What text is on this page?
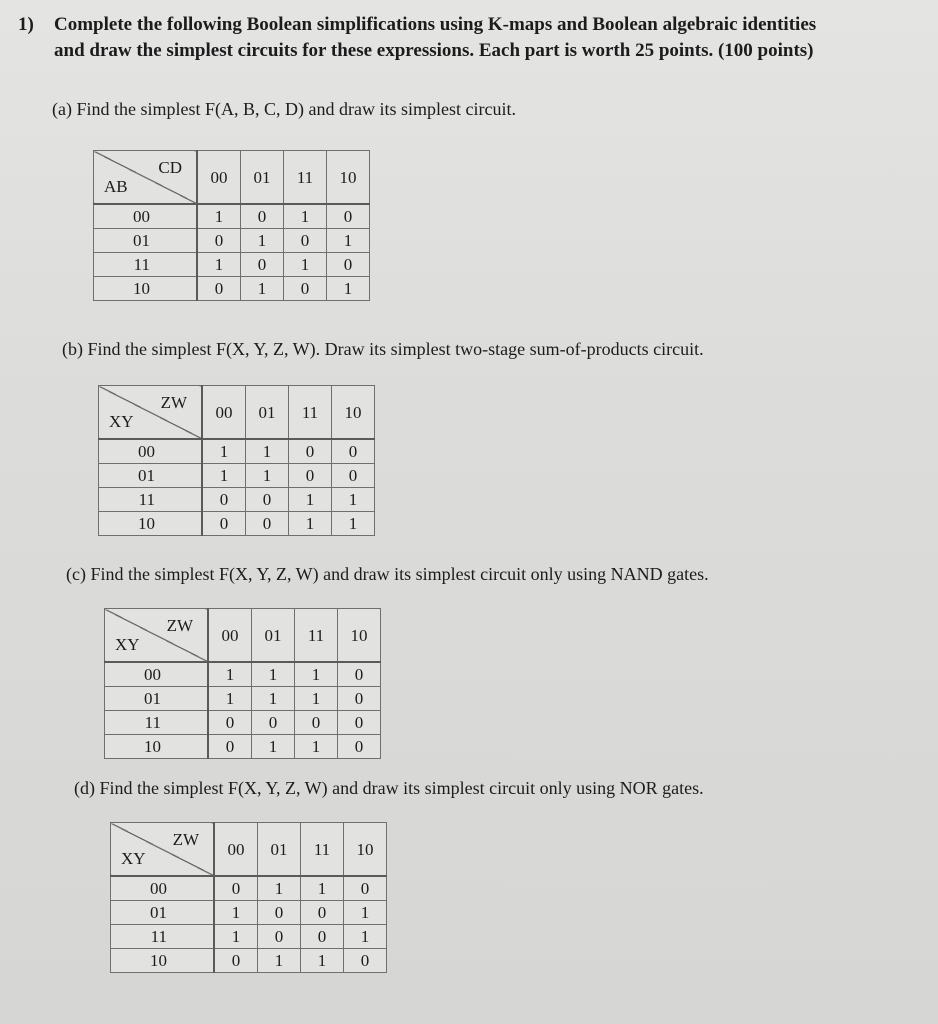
1) Complete the following Boolean simplifications using K-maps and Boolean algebraic identities
and draw the simplest circuits for these expressions. Each part is worth 25 points. (100 points)
(a) Find the simplest F(A, B, C, D) and draw its simplest circuit.
CD
AB	00	01	11	10
00	1	0	1	0
01	0	1	0	1
11	1	0	1	0
10	0	1	0	1
(b) Find the simplest F(X, Y, Z, W). Draw its simplest two-stage sum-of-products circuit.
ZW
XY	00	01	11	10
00	1	1	0	0
01	1	1	0	0
11	0	0	1	1
10	0	0	1	1
(c) Find the simplest F(X, Y, Z, W) and draw its simplest circuit only using NAND gates.
ZW
XY	00	01	11	10
00	1	1	1	0
01	1	1	1	0
11	0	0	0	0
10	0	1	1	0
(d) Find the simplest F(X, Y, Z, W) and draw its simplest circuit only using NOR gates.
ZW
XY	00	01	11	10
00	0	1	1	0
01	1	0	0	1
11	1	0	0	1
10	0	1	1	0
